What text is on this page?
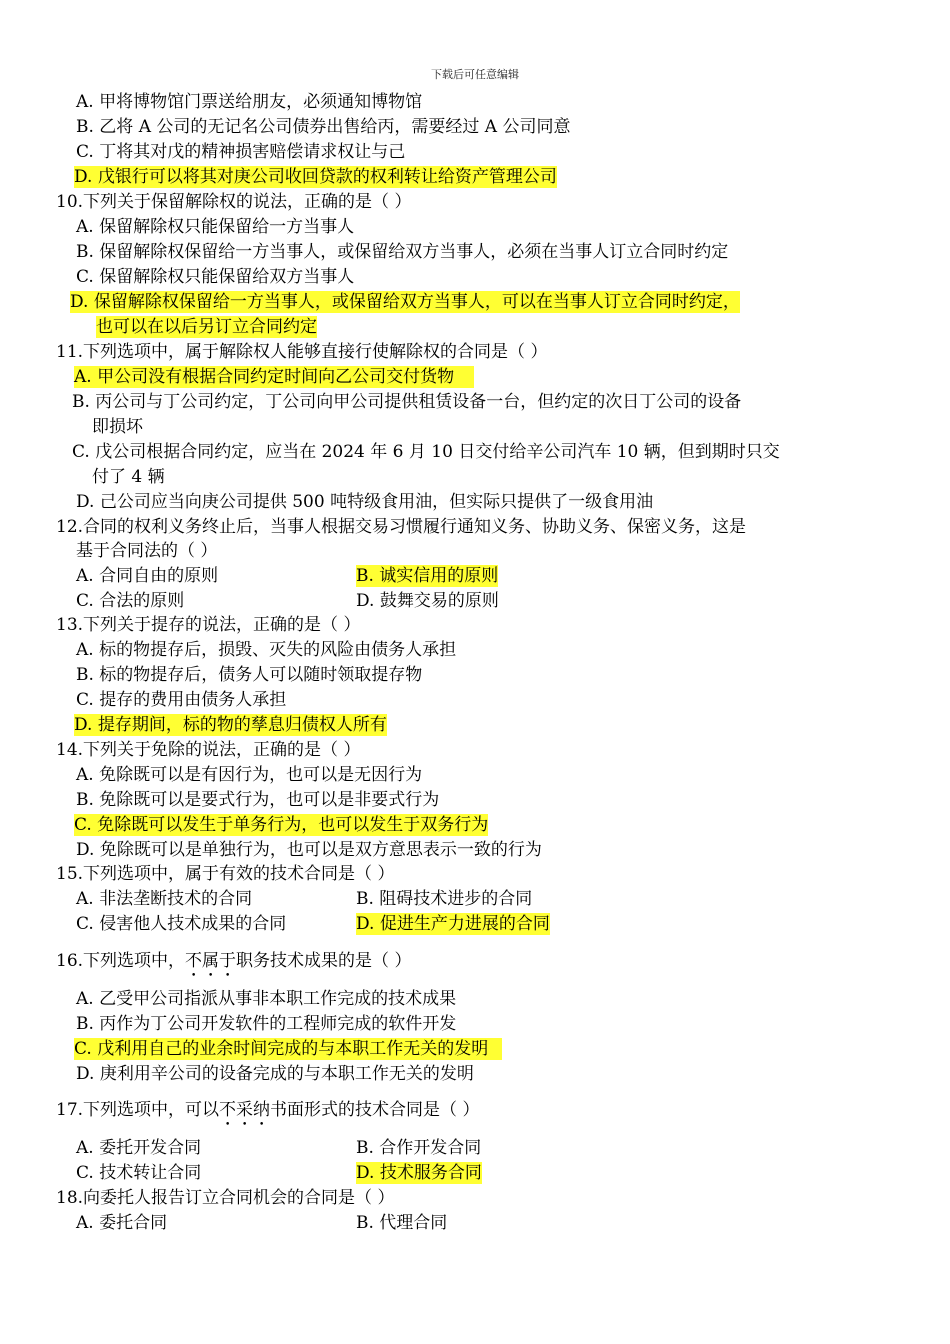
下载后可任意编辑
A. 甲将博物馆门票送给朋友，必须通知博物馆
B. 乙将 A 公司的无记名公司债券出售给丙，需要经过 A 公司同意
C. 丁将其对戊的精神损害赔偿请求权让与己
D. 戊银行可以将其对庚公司收回贷款的权利转让给资产管理公司
10.下列关于保留解除权的说法，正确的是（ ）
A. 保留解除权只能保留给一方当事人
B. 保留解除权保留给一方当事人，或保留给双方当事人，必须在当事人订立合同时约定
C. 保留解除权只能保留给双方当事人
D. 保留解除权保留给一方当事人，或保留给双方当事人，可以在当事人订立合同时约定，
也可以在以后另订立合同约定
11.下列选项中，属于解除权人能够直接行使解除权的合同是（ ）
A. 甲公司没有根据合同约定时间向乙公司交付货物
B. 丙公司与丁公司约定，丁公司向甲公司提供租赁设备一台，但约定的次日丁公司的设备
即损坏
C. 戊公司根据合同约定，应当在 2024 年 6 月 10 日交付给辛公司汽车 10 辆，但到期时只交
付了 4 辆
D. 己公司应当向庚公司提供 500 吨特级食用油，但实际只提供了一级食用油
12.合同的权利义务终止后，当事人根据交易习惯履行通知义务、协助义务、保密义务，这是
基于合同法的（ ）
A. 合同自由的原则	B. 诚实信用的原则
C. 合法的原则	D. 鼓舞交易的原则
13.下列关于提存的说法，正确的是（ ）
A. 标的物提存后，损毁、灭失的风险由债务人承担
B. 标的物提存后，债务人可以随时领取提存物
C. 提存的费用由债务人承担
D. 提存期间，标的物的孳息归债权人所有
14.下列关于免除的说法，正确的是（ ）
A. 免除既可以是有因行为，也可以是无因行为
B. 免除既可以是要式行为，也可以是非要式行为
C. 免除既可以发生于单务行为，也可以发生于双务行为
D. 免除既可以是单独行为，也可以是双方意思表示一致的行为
15.下列选项中，属于有效的技术合同是（ ）
A. 非法垄断技术的合同	B. 阻碍技术进步的合同
C. 侵害他人技术成果的合同	D. 促进生产力进展的合同
16.下列选项中，不属于职务技术成果的是（ ）
A. 乙受甲公司指派从事非本职工作完成的技术成果
B. 丙作为丁公司开发软件的工程师完成的软件开发
C. 戊利用自己的业余时间完成的与本职工作无关的发明
D. 庚利用辛公司的设备完成的与本职工作无关的发明
17.下列选项中，可以不采纳书面形式的技术合同是（ ）
A. 委托开发合同	B. 合作开发合同
C. 技术转让合同	D. 技术服务合同
18.向委托人报告订立合同机会的合同是（ ）
A. 委托合同	B. 代理合同
